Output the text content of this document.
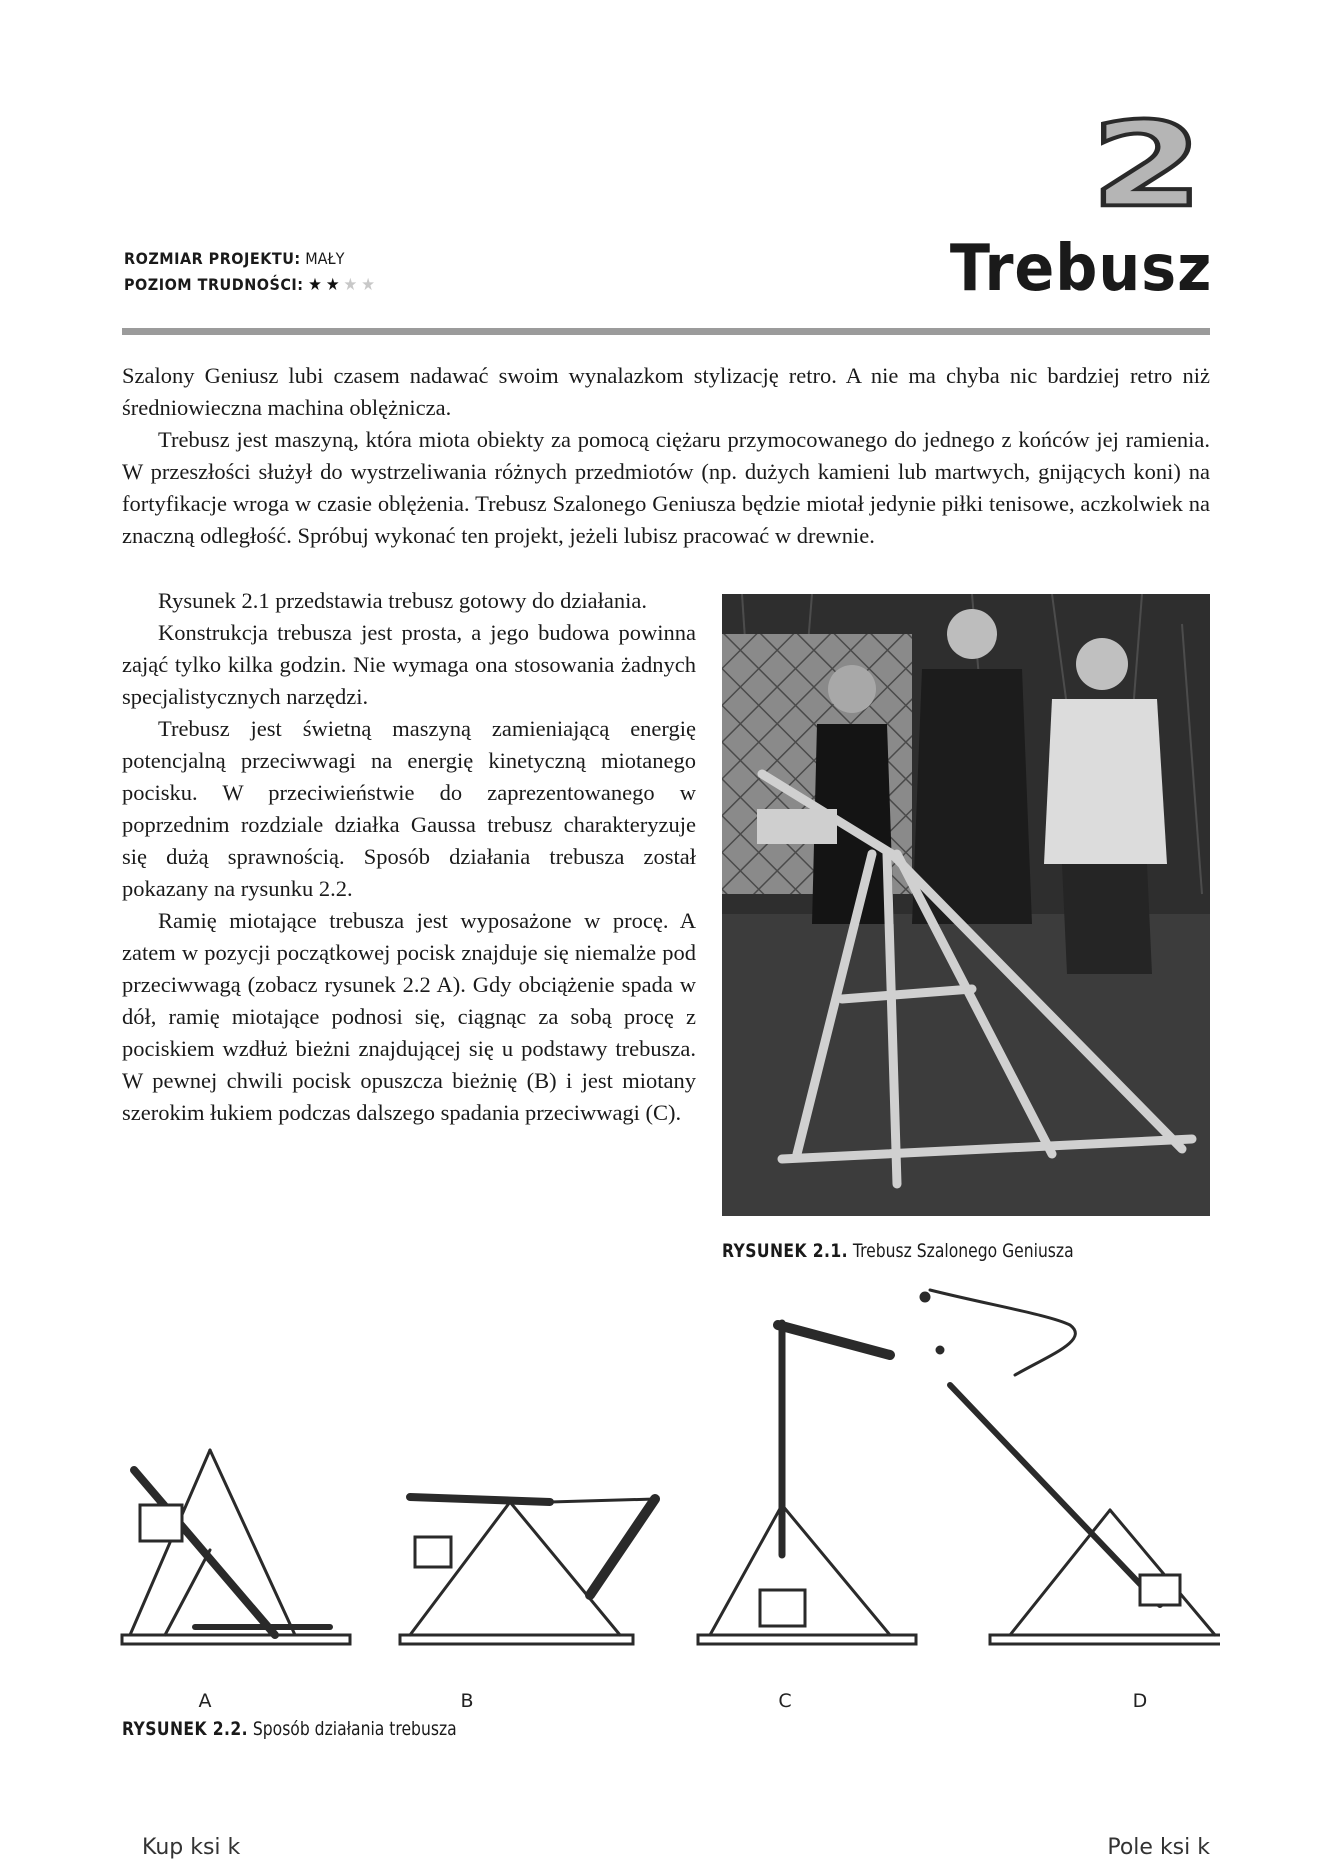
2
Trebusz
ROZMIAR PROJEKTU: MAŁY
POZIOM TRUDNOŚCI: ★★★★

Szalony Geniusz lubi czasem nadawać swoim wynalazkom stylizację retro. A nie ma chyba nic bardziej retro niż średniowieczna machina oblężnicza.

Trebusz jest maszyną, która miota obiekty za pomocą ciężaru przymocowanego do jednego z końców jej ramienia. W przeszłości służył do wystrzeliwania różnych przedmiotów (np. dużych kamieni lub martwych, gnijących koni) na fortyfikacje wroga w czasie oblężenia. Trebusz Szalonego Geniusza będzie miotał jedynie piłki tenisowe, aczkolwiek na znaczną odległość. Spróbuj wykonać ten projekt, jeżeli lubisz pracować w drewnie.

Rysunek 2.1 przedstawia trebusz gotowy do działania.

Konstrukcja trebusza jest prosta, a jego budowa powinna zająć tylko kilka godzin. Nie wymaga ona stosowania żadnych specjalistycznych narzędzi.

Trebusz jest świetną maszyną zamieniającą energię potencjalną przeciwwagi na energię kinetyczną miotanego pocisku. W przeciwieństwie do zaprezentowanego w poprzednim rozdziale działka Gaussa trebusz charakteryzuje się dużą sprawnością. Sposób działania trebusza został pokazany na rysunku 2.2.

Ramię miotające trebusza jest wyposażone w procę. A zatem w pozycji początkowej pocisk znajduje się niemalże pod przeciwwagą (zobacz rysunek 2.2 A). Gdy obciążenie spada w dół, ramię miotające podnosi się, ciągnąc za sobą procę z pociskiem wzdłuż bieżni znajdującej się u podstawy trebusza. W pewnej chwili pocisk opuszcza bieżnię (B) i jest miotany szerokim łukiem podczas dalszego spadania przeciwwagi (C).

RYSUNEK 2.1. Trebusz Szalonego Geniusza
A	B	C	D
RYSUNEK 2.2. Sposób działania trebusza
Kup ksi k	Pole ksi k
